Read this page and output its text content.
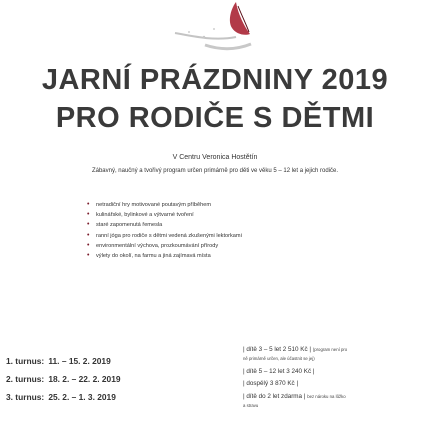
JARNÍ PRÁZDNINY 2019
PRO RODIČE S DĚTMI
V Centru Veronica Hostětín
Zábavný, naučný a tvořivý program určen primárně pro děti ve věku 5 – 12 let a jejich rodiče.
• netradiční hry motivované poutavým příběhem
• kulinářské, bylinkové a výtvarné tvoření
• staré zapomenutá řemesla
• ranní jóga pro rodiče s dětmi vedená zkušenými lektorkami
• environmentální výchova, prozkoumávání přírody
• výlety do okolí, na farmu a jiná zajímavá místa
1. turnus: 11. – 15. 2. 2019
2. turnus: 18. 2. – 22. 2. 2019
3. turnus: 25. 2. – 1. 3. 2019
| dítě 3 – 5 let 2 510 Kč | (program není pro
ně primárně určen, ale účastnit se jej)
| dítě 5 – 12 let 3 240 Kč |
| dospělý 3 870 Kč |
| dítě do 2 let zdarma | bez nároku na lůžko
a stravu
